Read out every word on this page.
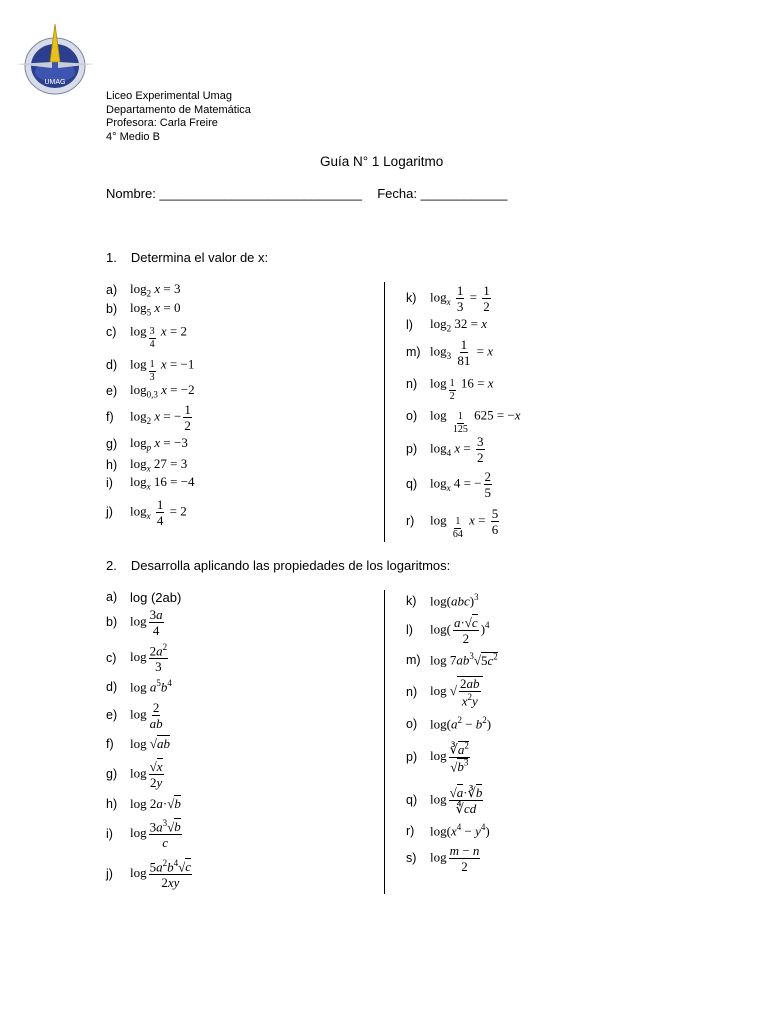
UMAG
Liceo Experimental Umag
Departamento de Matemática
Profesora: Carla Freire
4° Medio B
Guía N° 1 Logaritmo
Nombre: ____________________________ Fecha: ____________
1. Determina el valor de x:
a) $\log_2 x = 3$
b) $\log_5 x = 0$
c)	$\log \frac{3}{4}$ x = 2
d) $\log \frac{1}{3}$ x = −1
e) $\log_{0,3} x = -2$
f)	$\log_2 x$ = − $\frac{1}{2}$
g) $\log_p x = -3$
h) $\log_x 27 = 3$
i)	$\log_x 16 = -4$
j)	$\log_x \frac{1}{4} = 2$
k)	$\log_x \frac{1}{3} = \frac{1}{2}$
l)	$\log_2 32 = x$
m) $\log_3 \frac{1}{81} = x$
n) $\log \frac{1}{2} 16 = x$
o) $\log \frac{1}{125} 625 = -x$
p) $\log_4 x = \frac{3}{2}$
q) $\log_x 4$ = − $\frac{2}{5}$
r)	$\log \frac{1}{64}$ $x = \frac{5}{6}$
2. Desarrolla aplicando las propiedades de los logaritmos:
a) log (2ab)
b) $\log \frac{3a}{4}$
c)	$\log \frac{2a^2}{3}$
d) $\log a^5b^4$
e) $\log \frac{2}{ab}$
f)	log √ab
g) $\log \frac{√x}{2y}$
h) log 2a·√b
i)	$\log \frac{3a^3√b}{c}$
j)	$\log \frac{5a^2b^4√c}{2xy}$
k)	log(abc)$^3$
l)	$\log( \frac{a\cdot√c}{2} )^4$
m) $\log 7ab^3√5c^2$
n) log √ $\frac{2ab}{x^2y}$
o) $\log(a^2 - b^2)$
p) $\log \frac{∛a^2}{√b^3}$
q) $\log \frac{√a\cdot∛b}{∜cd}$
r)	$\log(x^4 - y^4)$
s)	$\log \frac{m - n}{2}$
